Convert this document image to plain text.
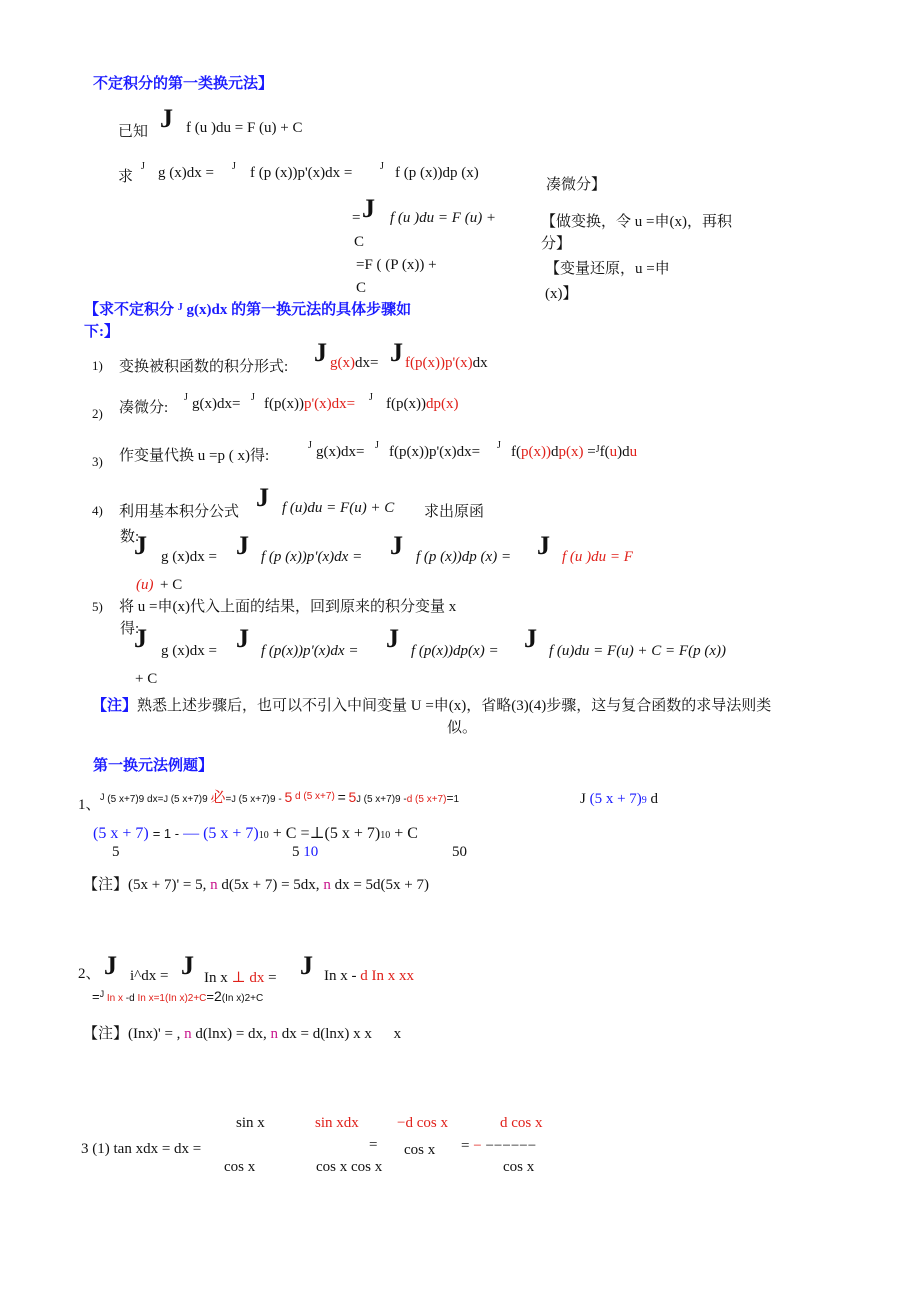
不定积分的第一类换元法】
已知 J f (u )du = F (u) + C
求
J g (x)dx = J f (p (x))p'(x)dx =	J f (p (x))dp (x)
凑微分】
= J f (u )du = F (u) +
C
【做变换，令 u =申(x)，再积
分】
=F ( (P (x)) +
C
【变量还原，u =申
(x)】
【求不定积分 $^J$ g(x)dx 的第一换元法的具体步骤如
下:】
1) 变换被积函数的积分形式: J g(x)dx= J f(p(x))p'(x)dx
2) 凑微分:
J g(x)dx= J f(p(x))p'(x)dx= J f(p(x))dp(x)
3) 作变量代换 u =p ( x)得:
J g(x)dx= J f(p(x))p'(x)dx= J f(p(x))dp(x) =$^J$f(u)du
4) 利用基本积分公式 J f (u)du = F(u) + C 求出原函
数:
J g (x)dx = J f (p (x))p'(x)dx = J f (p (x))dp (x) = J f (u )du = F
(u) + C
5) 将 u =申(x)代入上面的结果，回到原来的积分变量 x
得:
J g (x)dx = J f (p(x))p'(x)dx = J f (p(x))dp(x) = J f (u)du = F(u) + C = F(p (x))
+ C
【注】熟悉上述步骤后，也可以不引入中间变量 U =申(x)，省略(3)(4)步骤，这与复合函数的求导法则类
似。
第一换元法例题】
1、 J (5 x+7)9 dx=J (5 x+7)9 必=J (5 x+7)9 - 5 d (5 x+7) = 5J (5 x+7)9 -d (5 x+7)=1	J (5 x + 7)9 d
(5 x + 7) = 1 - — (5 x + 7)10 + C =⊥(5 x + 7)10 + C
5	5 10	50
【注】(5x + 7)' = 5, n d(5x + 7) = 5dx, n dx = 5d(5x + 7)
2、 J i^dx = J In x ⊥ dx = J In x - d In x xx
=J In x -d In x=1(In x)2+C=2(In x)2+C
【注】(Inx)' = , n d(lnx) = dx, n dx = d(lnx) x x x
sin x	sin xdx	−d cos x	d cos x
3 (1) tan xdx = dx =	= cos x = − −−−−−−
cos x	cos x cos x	cos x
